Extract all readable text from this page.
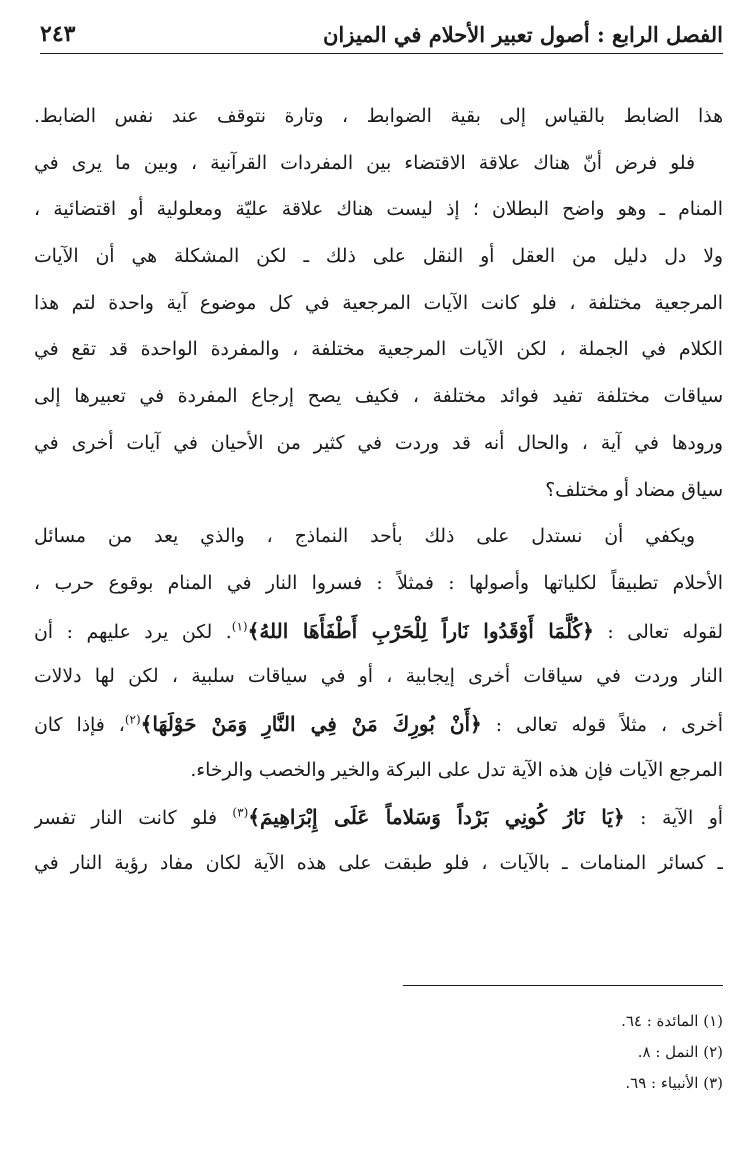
الفصل الرابع : أصول تعبير الأحلام في الميزان
٢٤٣
هذا الضابط بالقياس إلى بقية الضوابط ، وتارة نتوقف عند نفس الضابط.
فلو فرض أنّ هناك علاقة الاقتضاء بين المفردات القرآنية ، وبين ما يرى في
المنام ـ وهو واضح البطلان ؛ إذ ليست هناك علاقة عليّة ومعلولية أو اقتضائية ،
ولا دل دليل من العقل أو النقل على ذلك ـ لكن المشكلة هي أن الآيات
المرجعية مختلفة ، فلو كانت الآيات المرجعية في كل موضوع آية واحدة لتم هذا
الكلام في الجملة ، لكن الآيات المرجعية مختلفة ، والمفردة الواحدة قد تقع في
سياقات مختلفة تفيد فوائد مختلفة ، فكيف يصح إرجاع المفردة في تعبيرها إلى
ورودها في آية ، والحال أنه قد وردت في كثير من الأحيان في آيات أخرى في
سياق مضاد أو مختلف؟
ويكفي أن نستدل على ذلك بأحد النماذج ، والذي يعد من مسائل
الأحلام تطبيقاً لكلياتها وأصولها : فمثلاً : فسروا النار في المنام بوقوع حرب ،
لقوله تعالى : ﴿كُلَّمَا أَوْقَدُوا نَاراً لِلْحَرْبِ أَطْفَأَهَا اللهُ﴾$^{(١)}$. لكن يرد عليهم : أن
النار وردت في سياقات أخرى إيجابية ، أو في سياقات سلبية ، لكن لها دلالات
أخرى ، مثلاً قوله تعالى : ﴿أَنْ بُورِكَ مَنْ فِي النَّارِ وَمَنْ حَوْلَهَا﴾$^{(٢)}$، فإذا كان
المرجع الآيات فإن هذه الآية تدل على البركة والخير والخصب والرخاء.
أو الآية : ﴿يَا نَارُ كُونِي بَرْداً وَسَلاماً عَلَى إِبْرَاهِيمَ﴾$^{(٣)}$ فلو كانت النار تفسر
ـ كسائر المنامات ـ بالآيات ، فلو طبقت على هذه الآية لكان مفاد رؤية النار في
(١) المائدة : ٦٤.
(٢) النمل : ٨.
(٣) الأنبياء : ٦٩.
